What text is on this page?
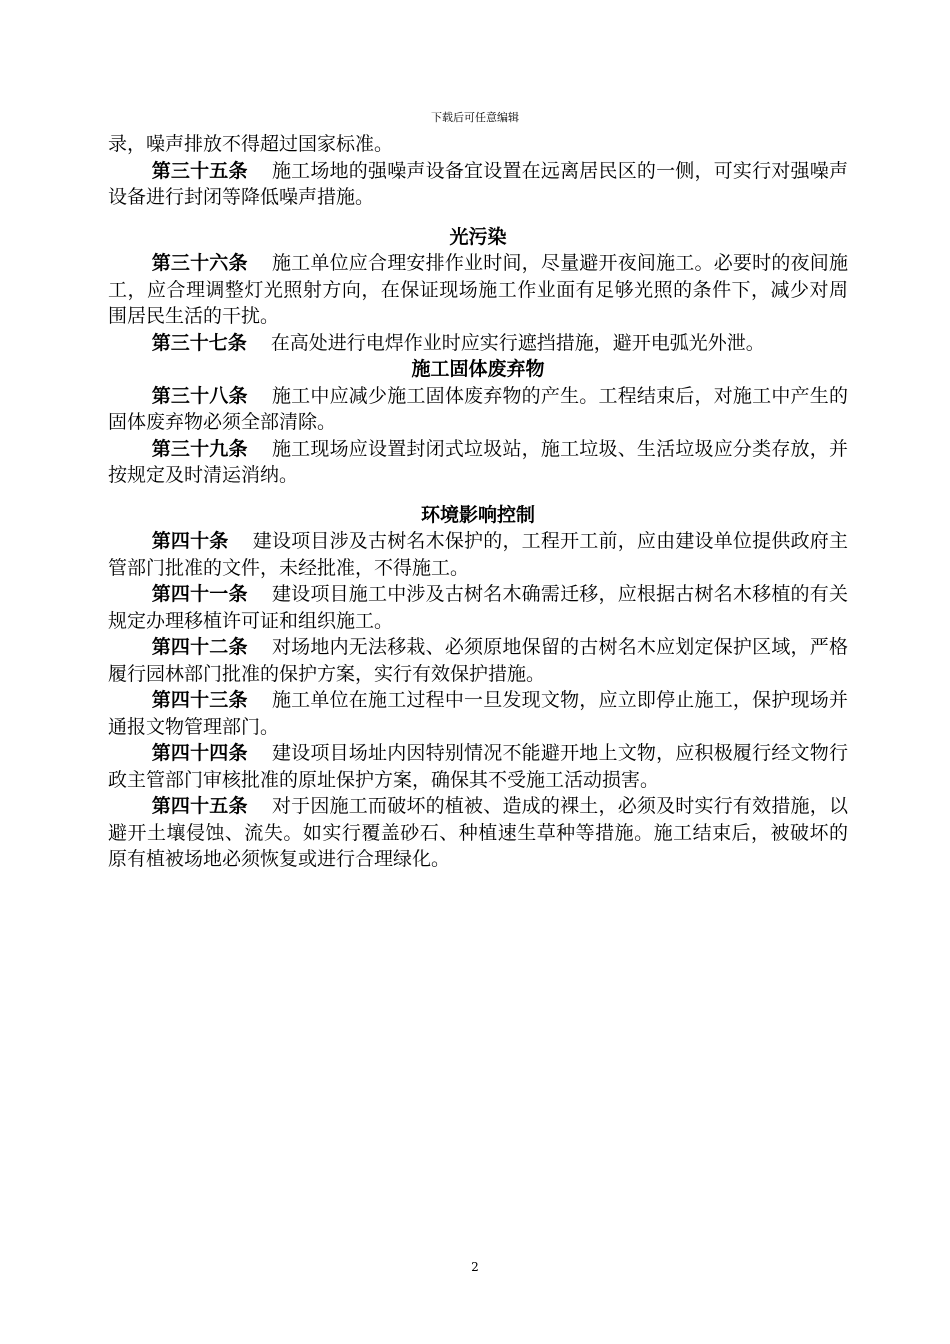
下载后可任意编辑

录，噪声排放不得超过国家标准。

第三十五条 施工场地的强噪声设备宜设置在远离居民区的一侧，可实行对强噪声设备进行封闭等降低噪声措施。

光污染

第三十六条 施工单位应合理安排作业时间，尽量避开夜间施工。必要时的夜间施工，应合理调整灯光照射方向，在保证现场施工作业面有足够光照的条件下，减少对周围居民生活的干扰。

第三十七条 在高处进行电焊作业时应实行遮挡措施，避开电弧光外泄。

施工固体废弃物

第三十八条 施工中应减少施工固体废弃物的产生。工程结束后，对施工中产生的固体废弃物必须全部清除。

第三十九条 施工现场应设置封闭式垃圾站，施工垃圾、生活垃圾应分类存放，并按规定及时清运消纳。

环境影响控制

第四十条 建设项目涉及古树名木保护的，工程开工前，应由建设单位提供政府主管部门批准的文件，未经批准，不得施工。

第四十一条 建设项目施工中涉及古树名木确需迁移，应根据古树名木移植的有关规定办理移植许可证和组织施工。

第四十二条 对场地内无法移栽、必须原地保留的古树名木应划定保护区域，严格履行园林部门批准的保护方案，实行有效保护措施。

第四十三条 施工单位在施工过程中一旦发现文物，应立即停止施工，保护现场并通报文物管理部门。

第四十四条 建设项目场址内因特别情况不能避开地上文物，应积极履行经文物行政主管部门审核批准的原址保护方案，确保其不受施工活动损害。

第四十五条 对于因施工而破坏的植被、造成的裸土，必须及时实行有效措施，以避开土壤侵蚀、流失。如实行覆盖砂石、种植速生草种等措施。施工结束后，被破坏的原有植被场地必须恢复或进行合理绿化。

2
